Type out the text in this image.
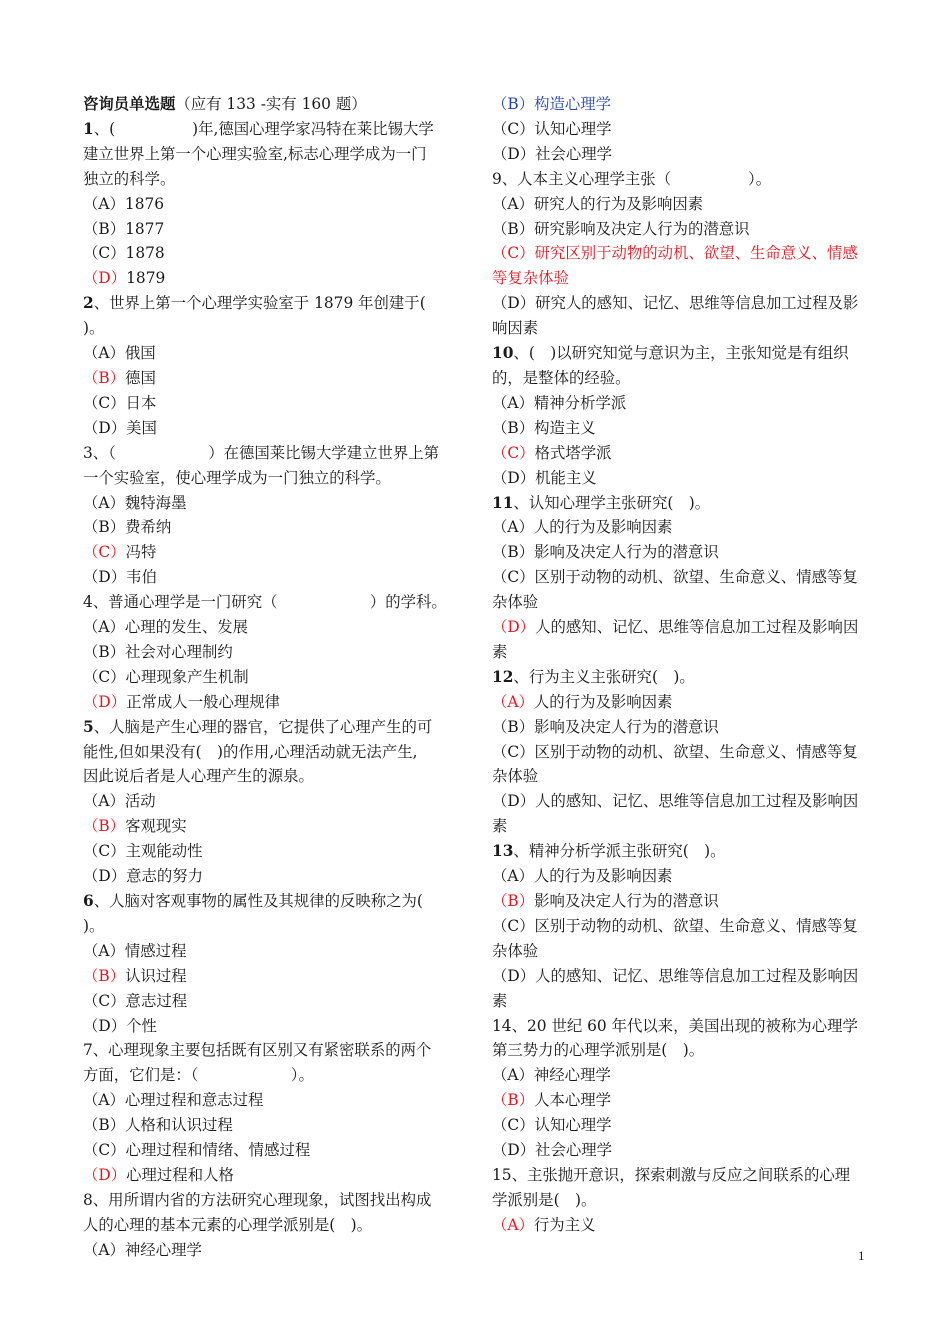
咨询员单选题（应有 133 -实有 160 题）
1、(　　　　　)年,德国心理学家冯特在莱比锡大学
建立世界上第一个心理实验室,标志心理学成为一门
独立的科学。
（A）1876
（B）1877
（C）1878
（D）1879
2、世界上第一个心理学实验室于 1879 年创建于(　 )。
（A）俄国
（B）德国
（C）日本
（D）美国
3、（　　　　　　）在德国莱比锡大学建立世界上第
一个实验室，使心理学成为一门独立的科学。
（A）魏特海墨
（B）费希纳
（C）冯特
（D）韦伯
4、普通心理学是一门研究（　　　　　　）的学科。
（A）心理的发生、发展
（B）社会对心理制约
（C）心理现象产生机制
（D）正常成人一般心理规律
5、人脑是产生心理的器官，它提供了心理产生的可
能性,但如果没有(　)的作用,心理活动就无法产生,
因此说后者是人心理产生的源泉。
（A）活动
（B）客观现实
（C）主观能动性
（D）意志的努力
6、人脑对客观事物的属性及其规律的反映称之为(
)。
（A）情感过程
（B）认识过程
（C）意志过程
（D）个性
7、心理现象主要包括既有区别又有紧密联系的两个
方面，它们是：（　　　　　　）。
（A）心理过程和意志过程
（B）人格和认识过程
（C）心理过程和情绪、情感过程
（D）心理过程和人格
8、用所谓内省的方法研究心理现象，试图找出构成
人的心理的基本元素的心理学派别是(　)。
（A）神经心理学
（B）构造心理学
（C）认知心理学
（D）社会心理学
9、人本主义心理学主张（　　　　　）。
（A）研究人的行为及影响因素
（B）研究影响及决定人行为的潜意识
（C）研究区别于动物的动机、欲望、生命意义、情感
等复杂体验
（D）研究人的感知、记忆、思维等信息加工过程及影
响因素
10、(　)以研究知觉与意识为主，主张知觉是有组织
的，是整体的经验。
（A）精神分析学派
（B）构造主义
（C）格式塔学派
（D）机能主义
11、认知心理学主张研究(　)。
（A）人的行为及影响因素
（B）影响及决定人行为的潜意识
（C）区别于动物的动机、欲望、生命意义、情感等复
杂体验
（D）人的感知、记忆、思维等信息加工过程及影响因
素
12、行为主义主张研究(　)。
（A）人的行为及影响因素
（B）影响及决定人行为的潜意识
（C）区别于动物的动机、欲望、生命意义、情感等复
杂体验
（D）人的感知、记忆、思维等信息加工过程及影响因
素
13、精神分析学派主张研究(　)。
（A）人的行为及影响因素
（B）影响及决定人行为的潜意识
（C）区别于动物的动机、欲望、生命意义、情感等复
杂体验
（D）人的感知、记忆、思维等信息加工过程及影响因
素
14、20 世纪 60 年代以来，美国出现的被称为心理学
第三势力的心理学派别是(　)。
（A）神经心理学
（B）人本心理学
（C）认知心理学
（D）社会心理学
15、主张抛开意识，探索刺激与反应之间联系的心理
学派别是(　)。
（A）行为主义
1
